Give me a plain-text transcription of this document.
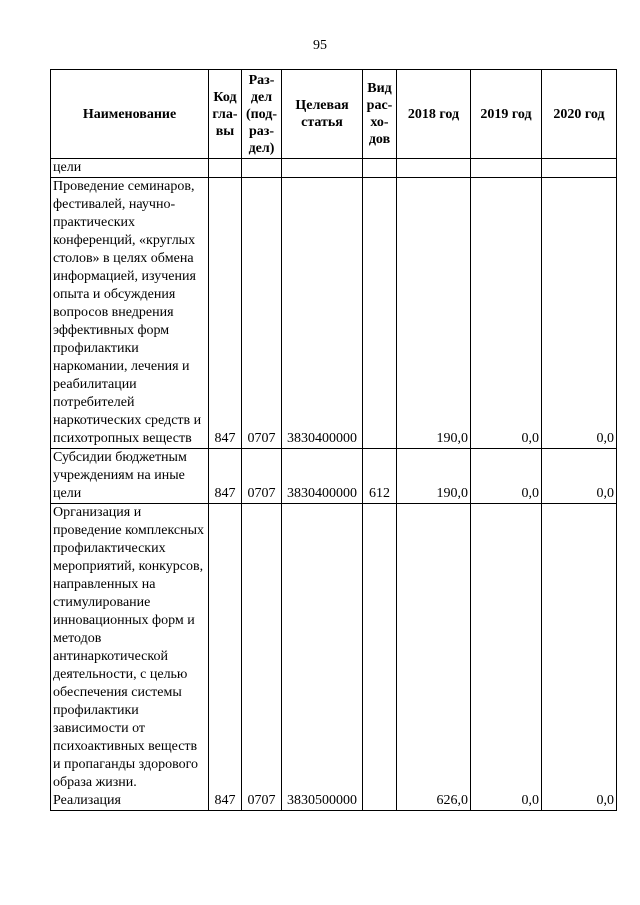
95
Наименование	Код гла-вы	Раз-дел (под-раз-дел)	Целевая статья	Вид рас-хо-дов	2018 год	2019 год	2020 год
цели							
Проведение семинаров, фестивалей, научно-практических конференций, «круглых столов» в целях обмена информацией, изучения опыта и обсуждения вопросов внедрения эффективных форм профилактики наркомании, лечения и реабилитации потребителей наркотических средств и психотропных веществ	847	0707	3830400000		190,0	0,0	0,0
Субсидии бюджетным учреждениям на иные цели	847	0707	3830400000	612	190,0	0,0	0,0
Организация и проведение комплексных профилактических мероприятий, конкурсов, направленных на стимулирование инновационных форм и методов антинаркотической деятельности, с целью обеспечения системы профилактики зависимости от психоактивных веществ и пропаганды здорового образа жизни. Реализация	847	0707	3830500000		626,0	0,0	0,0
